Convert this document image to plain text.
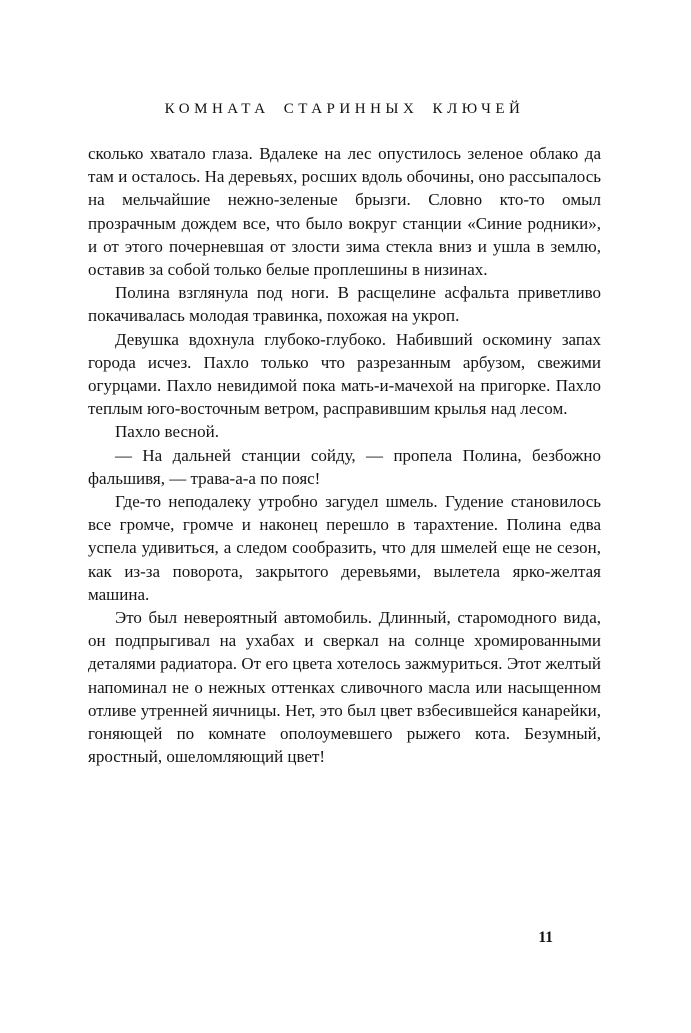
КОМНАТА СТАРИННЫХ КЛЮЧЕЙ

сколько хватало глаза. Вдалеке на лес опустилось зеленое облако да там и осталось. На деревьях, росших вдоль обочины, оно рассыпалось на мельчайшие нежно-зеленые брызги. Словно кто-то омыл прозрачным дождем все, что было вокруг станции «Синие родники», и от этого почерневшая от злости зима стекла вниз и ушла в землю, оставив за собой только белые проплешины в низинах.

Полина взглянула под ноги. В расщелине асфальта приветливо покачивалась молодая травинка, похожая на укроп.

Девушка вдохнула глубоко-глубоко. Набивший оскомину запах города исчез. Пахло только что разрезанным арбузом, свежими огурцами. Пахло невидимой пока мать-и-мачехой на пригорке. Пахло теплым юго-восточным ветром, расправившим крылья над лесом.

Пахло весной.

— На дальней станции сойду, — пропела Полина, безбожно фальшивя, — трава-а-а по пояс!

Где-то неподалеку утробно загудел шмель. Гудение становилось все громче, громче и наконец перешло в тарахтение. Полина едва успела удивиться, а следом сообразить, что для шмелей еще не сезон, как из-за поворота, закрытого деревьями, вылетела ярко-желтая машина.

Это был невероятный автомобиль. Длинный, старомодного вида, он подпрыгивал на ухабах и сверкал на солнце хромированными деталями радиатора. От его цвета хотелось зажмуриться. Этот желтый напоминал не о нежных оттенках сливочного масла или насыщенном отливе утренней яичницы. Нет, это был цвет взбесившейся канарейки, гоняющей по комнате ополоумевшего рыжего кота. Безумный, яростный, ошеломляющий цвет!

11
